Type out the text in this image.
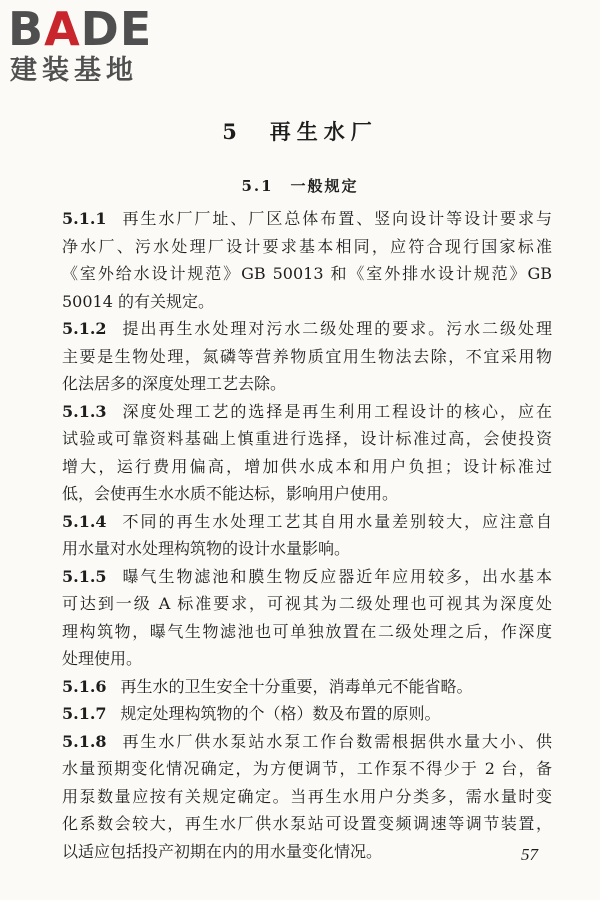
BADE
建装基地
5　再生水厂
5.1　一般规定
5.1.1 再生水厂厂址、厂区总体布置、竖向设计等设计要求与
净水厂、污水处理厂设计要求基本相同，应符合现行国家标准
《室外给水设计规范》GB 50013 和《室外排水设计规范》GB
50014 的有关规定。
5.1.2 提出再生水处理对污水二级处理的要求。污水二级处理
主要是生物处理，氮磷等营养物质宜用生物法去除，不宜采用物
化法居多的深度处理工艺去除。
5.1.3 深度处理工艺的选择是再生利用工程设计的核心，应在
试验或可靠资料基础上慎重进行选择，设计标准过高，会使投资
增大，运行费用偏高，增加供水成本和用户负担；设计标准过
低，会使再生水水质不能达标，影响用户使用。
5.1.4 不同的再生水处理工艺其自用水量差别较大，应注意自
用水量对水处理构筑物的设计水量影响。
5.1.5 曝气生物滤池和膜生物反应器近年应用较多，出水基本
可达到一级 A 标准要求，可视其为二级处理也可视其为深度处
理构筑物，曝气生物滤池也可单独放置在二级处理之后，作深度
处理使用。
5.1.6 再生水的卫生安全十分重要，消毒单元不能省略。
5.1.7 规定处理构筑物的个（格）数及布置的原则。
5.1.8 再生水厂供水泵站水泵工作台数需根据供水量大小、供
水量预期变化情况确定，为方便调节，工作泵不得少于 2 台，备
用泵数量应按有关规定确定。当再生水用户分类多，需水量时变
化系数会较大，再生水厂供水泵站可设置变频调速等调节装置，
以适应包括投产初期在内的用水量变化情况。	57
